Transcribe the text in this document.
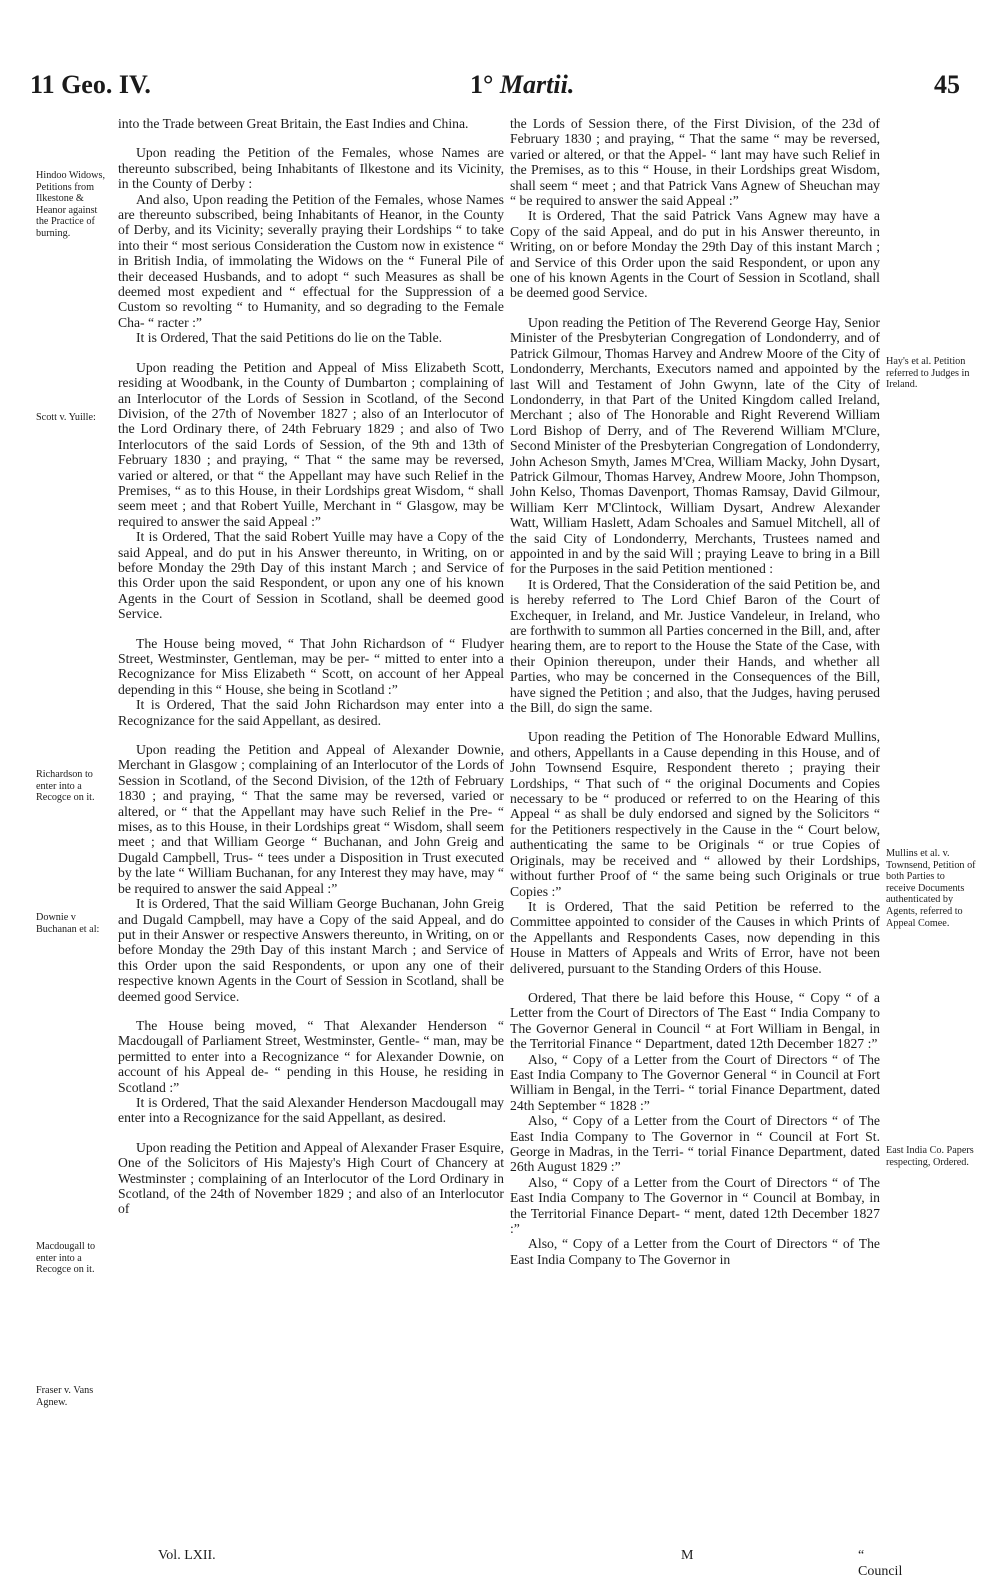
11 Geo. IV.	1° Martii.	45
Hindoo Widows, Petitions from Ilkestone & Heanor against the Practice of burning.
Scott v. Yuille:
Richardson to enter into a Recogce on it.
Downie v Buchanan et al:
Macdougall to enter into a Recogce on it.
Fraser v. Vans Agnew.
Hay's et al. Petition referred to Judges in Ireland.
Mullins et al. v. Townsend, Petition of both Parties to receive Documents authenticated by Agents, referred to Appeal Comee.
East India Co. Papers respecting, Ordered.

into the Trade between Great Britain, the East Indies and China.

Upon reading the Petition of the Females, whose Names are thereunto subscribed, being Inhabitants of Ilkestone and its Vicinity, in the County of Derby :

And also, Upon reading the Petition of the Females, whose Names are thereunto subscribed, being Inhabitants of Heanor, in the County of Derby, and its Vicinity; severally praying their Lordships “ to take into their “ most serious Consideration the Custom now in existence “ in British India, of immolating the Widows on the “ Funeral Pile of their deceased Husbands, and to adopt “ such Measures as shall be deemed most expedient and “ effectual for the Suppression of a Custom so revolting “ to Humanity, and so degrading to the Female Cha- “ racter :”

It is Ordered, That the said Petitions do lie on the Table.

Upon reading the Petition and Appeal of Miss Elizabeth Scott, residing at Woodbank, in the County of Dumbarton ; complaining of an Interlocutor of the Lords of Session in Scotland, of the Second Division, of the 27th of November 1827 ; also of an Interlocutor of the Lord Ordinary there, of 24th February 1829 ; and also of Two Interlocutors of the said Lords of Session, of the 9th and 13th of February 1830 ; and praying, “ That “ the same may be reversed, varied or altered, or that “ the Appellant may have such Relief in the Premises, “ as to this House, in their Lordships great Wisdom, “ shall seem meet ; and that Robert Yuille, Merchant in “ Glasgow, may be required to answer the said Appeal :”

It is Ordered, That the said Robert Yuille may have a Copy of the said Appeal, and do put in his Answer thereunto, in Writing, on or before Monday the 29th Day of this instant March ; and Service of this Order upon the said Respondent, or upon any one of his known Agents in the Court of Session in Scotland, shall be deemed good Service.

The House being moved, “ That John Richardson of “ Fludyer Street, Westminster, Gentleman, may be per- “ mitted to enter into a Recognizance for Miss Elizabeth “ Scott, on account of her Appeal depending in this “ House, she being in Scotland :”

It is Ordered, That the said John Richardson may enter into a Recognizance for the said Appellant, as desired.

Upon reading the Petition and Appeal of Alexander Downie, Merchant in Glasgow ; complaining of an Interlocutor of the Lords of Session in Scotland, of the Second Division, of the 12th of February 1830 ; and praying, “ That the same may be reversed, varied or altered, or “ that the Appellant may have such Relief in the Pre- “ mises, as to this House, in their Lordships great “ Wisdom, shall seem meet ; and that William George “ Buchanan, and John Greig and Dugald Campbell, Trus- “ tees under a Disposition in Trust executed by the late “ William Buchanan, for any Interest they may have, may “ be required to answer the said Appeal :”

It is Ordered, That the said William George Buchanan, John Greig and Dugald Campbell, may have a Copy of the said Appeal, and do put in their Answer or respective Answers thereunto, in Writing, on or before Monday the 29th Day of this instant March ; and Service of this Order upon the said Respondents, or upon any one of their respective known Agents in the Court of Session in Scotland, shall be deemed good Service.

The House being moved, “ That Alexander Henderson “ Macdougall of Parliament Street, Westminster, Gentle- “ man, may be permitted to enter into a Recognizance “ for Alexander Downie, on account of his Appeal de- “ pending in this House, he residing in Scotland :”

It is Ordered, That the said Alexander Henderson Macdougall may enter into a Recognizance for the said Appellant, as desired.

Upon reading the Petition and Appeal of Alexander Fraser Esquire, One of the Solicitors of His Majesty's High Court of Chancery at Westminster ; complaining of an Interlocutor of the Lord Ordinary in Scotland, of the 24th of November 1829 ; and also of an Interlocutor of

the Lords of Session there, of the First Division, of the 23d of February 1830 ; and praying, “ That the same “ may be reversed, varied or altered, or that the Appel- “ lant may have such Relief in the Premises, as to this “ House, in their Lordships great Wisdom, shall seem “ meet ; and that Patrick Vans Agnew of Sheuchan may “ be required to answer the said Appeal :”

It is Ordered, That the said Patrick Vans Agnew may have a Copy of the said Appeal, and do put in his Answer thereunto, in Writing, on or before Monday the 29th Day of this instant March ; and Service of this Order upon the said Respondent, or upon any one of his known Agents in the Court of Session in Scotland, shall be deemed good Service.

Upon reading the Petition of The Reverend George Hay, Senior Minister of the Presbyterian Congregation of Londonderry, and of Patrick Gilmour, Thomas Harvey and Andrew Moore of the City of Londonderry, Merchants, Executors named and appointed by the last Will and Testament of John Gwynn, late of the City of Londonderry, in that Part of the United Kingdom called Ireland, Merchant ; also of The Honorable and Right Reverend William Lord Bishop of Derry, and of The Reverend William M'Clure, Second Minister of the Presbyterian Congregation of Londonderry, John Acheson Smyth, James M'Crea, William Macky, John Dysart, Patrick Gilmour, Thomas Harvey, Andrew Moore, John Thompson, John Kelso, Thomas Davenport, Thomas Ramsay, David Gilmour, William Kerr M'Clintock, William Dysart, Andrew Alexander Watt, William Haslett, Adam Schoales and Samuel Mitchell, all of the said City of Londonderry, Merchants, Trustees named and appointed in and by the said Will ; praying Leave to bring in a Bill for the Purposes in the said Petition mentioned :

It is Ordered, That the Consideration of the said Petition be, and is hereby referred to The Lord Chief Baron of the Court of Exchequer, in Ireland, and Mr. Justice Vandeleur, in Ireland, who are forthwith to summon all Parties concerned in the Bill, and, after hearing them, are to report to the House the State of the Case, with their Opinion thereupon, under their Hands, and whether all Parties, who may be concerned in the Consequences of the Bill, have signed the Petition ; and also, that the Judges, having perused the Bill, do sign the same.

Upon reading the Petition of The Honorable Edward Mullins, and others, Appellants in a Cause depending in this House, and of John Townsend Esquire, Respondent thereto ; praying their Lordships, “ That such of “ the original Documents and Copies necessary to be “ produced or referred to on the Hearing of this Appeal “ as shall be duly endorsed and signed by the Solicitors “ for the Petitioners respectively in the Cause in the “ Court below, authenticating the same to be Originals “ or true Copies of Originals, may be received and “ allowed by their Lordships, without further Proof of “ the same being such Originals or true Copies :”

It is Ordered, That the said Petition be referred to the Committee appointed to consider of the Causes in which Prints of the Appellants and Respondents Cases, now depending in this House in Matters of Appeals and Writs of Error, have not been delivered, pursuant to the Standing Orders of this House.

Ordered, That there be laid before this House, “ Copy “ of a Letter from the Court of Directors of The East “ India Company to The Governor General in Council “ at Fort William in Bengal, in the Territorial Finance “ Department, dated 12th December 1827 :”

Also, “ Copy of a Letter from the Court of Directors “ of The East India Company to The Governor General “ in Council at Fort William in Bengal, in the Terri- “ torial Finance Department, dated 24th September “ 1828 :”

Also, “ Copy of a Letter from the Court of Directors “ of The East India Company to The Governor in “ Council at Fort St. George in Madras, in the Terri- “ torial Finance Department, dated 26th August 1829 :”

Also, “ Copy of a Letter from the Court of Directors “ of The East India Company to The Governor in “ Council at Bombay, in the Territorial Finance Depart- “ ment, dated 12th December 1827 :”

Also, “ Copy of a Letter from the Court of Directors “ of The East India Company to The Governor in

Vol. LXII.	M	“ Council
